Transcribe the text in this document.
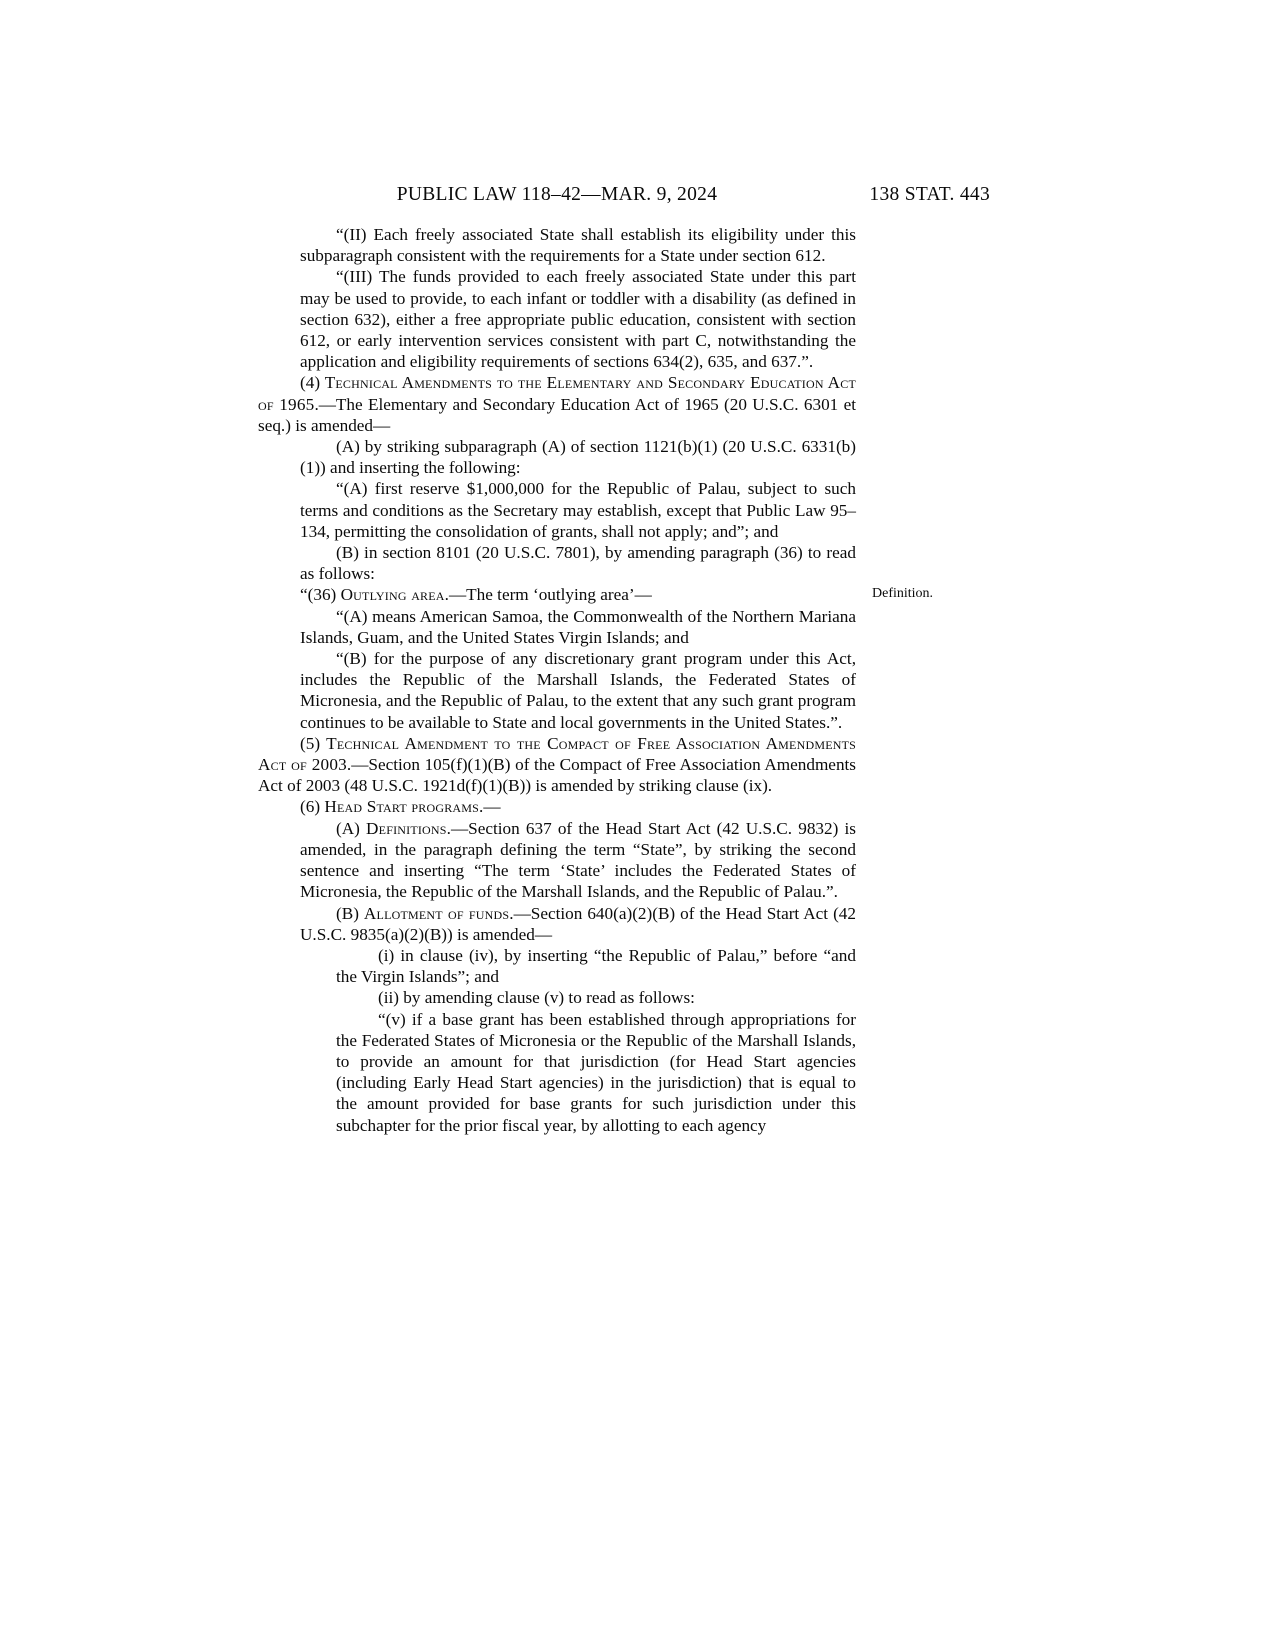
PUBLIC LAW 118–42—MAR. 9, 2024	138 STAT. 443

“(II) Each freely associated State shall establish its eligibility under this subparagraph consistent with the requirements for a State under section 612.

“(III) The funds provided to each freely associated State under this part may be used to provide, to each infant or toddler with a disability (as defined in section 632), either a free appropriate public education, consistent with section 612, or early intervention services consistent with part C, notwithstanding the application and eligibility requirements of sections 634(2), 635, and 637.”.

(4) Technical Amendments to the Elementary and Secondary Education Act of 1965.—The Elementary and Secondary Education Act of 1965 (20 U.S.C. 6301 et seq.) is amended—

(A) by striking subparagraph (A) of section 1121(b)(1) (20 U.S.C. 6331(b)(1)) and inserting the following:

“(A) first reserve $1,000,000 for the Republic of Palau, subject to such terms and conditions as the Secretary may establish, except that Public Law 95–134, permitting the consolidation of grants, shall not apply; and”; and

(B) in section 8101 (20 U.S.C. 7801), by amending paragraph (36) to read as follows:

“(36) Outlying area.—The term ‘outlying area’—	Definition.

“(A) means American Samoa, the Commonwealth of the Northern Mariana Islands, Guam, and the United States Virgin Islands; and

“(B) for the purpose of any discretionary grant program under this Act, includes the Republic of the Marshall Islands, the Federated States of Micronesia, and the Republic of Palau, to the extent that any such grant program continues to be available to State and local governments in the United States.”.

(5) Technical Amendment to the Compact of Free Association Amendments Act of 2003.—Section 105(f)(1)(B) of the Compact of Free Association Amendments Act of 2003 (48 U.S.C. 1921d(f)(1)(B)) is amended by striking clause (ix).

(6) Head Start programs.—

(A) Definitions.—Section 637 of the Head Start Act (42 U.S.C. 9832) is amended, in the paragraph defining the term “State”, by striking the second sentence and inserting “The term ‘State’ includes the Federated States of Micronesia, the Republic of the Marshall Islands, and the Republic of Palau.”.

(B) Allotment of funds.—Section 640(a)(2)(B) of the Head Start Act (42 U.S.C. 9835(a)(2)(B)) is amended—

(i) in clause (iv), by inserting “the Republic of Palau,” before “and the Virgin Islands”; and

(ii) by amending clause (v) to read as follows:

“(v) if a base grant has been established through appropriations for the Federated States of Micronesia or the Republic of the Marshall Islands, to provide an amount for that jurisdiction (for Head Start agencies (including Early Head Start agencies) in the jurisdiction) that is equal to the amount provided for base grants for such jurisdiction under this subchapter for the prior fiscal year, by allotting to each agency
